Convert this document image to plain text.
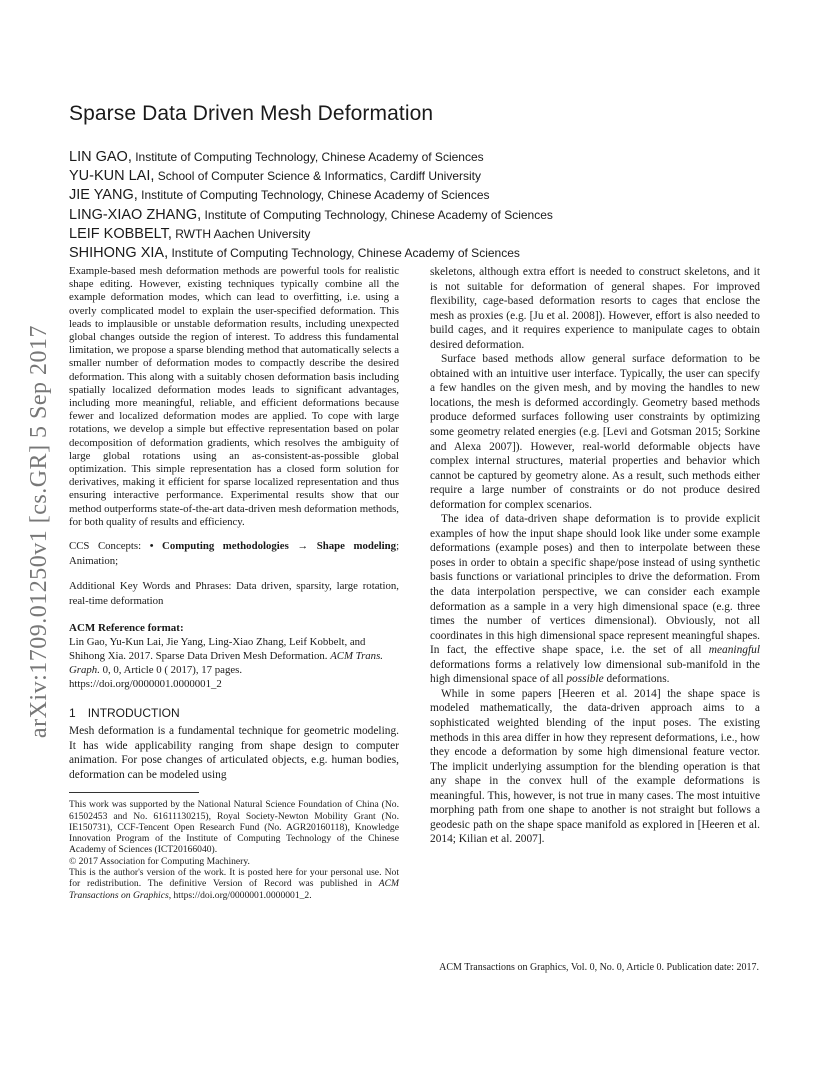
arXiv:1709.01250v1 [cs.GR] 5 Sep 2017
Sparse Data Driven Mesh Deformation
LIN GAO, Institute of Computing Technology, Chinese Academy of Sciences
YU-KUN LAI, School of Computer Science & Informatics, Cardiff University
JIE YANG, Institute of Computing Technology, Chinese Academy of Sciences
LING-XIAO ZHANG, Institute of Computing Technology, Chinese Academy of Sciences
LEIF KOBBELT, RWTH Aachen University
SHIHONG XIA, Institute of Computing Technology, Chinese Academy of Sciences

Example-based mesh deformation methods are powerful tools for realistic shape editing. However, existing techniques typically combine all the example deformation modes, which can lead to overfitting, i.e. using a overly complicated model to explain the user-specified deformation. This leads to implausible or unstable deformation results, including unexpected global changes outside the region of interest. To address this fundamental limitation, we propose a sparse blending method that automatically selects a smaller number of deformation modes to compactly describe the desired deformation. This along with a suitably chosen deformation basis including spatially localized deformation modes leads to significant advantages, including more meaningful, reliable, and efficient deformations because fewer and localized deformation modes are applied. To cope with large rotations, we develop a simple but effective representation based on polar decomposition of deformation gradients, which resolves the ambiguity of large global rotations using an as-consistent-as-possible global optimization. This simple representation has a closed form solution for derivatives, making it efficient for sparse localized representation and thus ensuring interactive performance. Experimental results show that our method outperforms state-of-the-art data-driven mesh deformation methods, for both quality of results and efficiency.

CCS Concepts: • Computing methodologies → Shape modeling; Animation;
Additional Key Words and Phrases: Data driven, sparsity, large rotation, real-time deformation
ACM Reference format:
Lin Gao, Yu-Kun Lai, Jie Yang, Ling-Xiao Zhang, Leif Kobbelt, and Shihong Xia. 2017. Sparse Data Driven Mesh Deformation. ACM Trans. Graph. 0, 0, Article 0 ( 2017), 17 pages.
https://doi.org/0000001.0000001_2
1 INTRODUCTION

Mesh deformation is a fundamental technique for geometric modeling. It has wide applicability ranging from shape design to computer animation. For pose changes of articulated objects, e.g. human bodies, deformation can be modeled using

This work was supported by the National Natural Science Foundation of China (No. 61502453 and No. 61611130215), Royal Society-Newton Mobility Grant (No. IE150731), CCF-Tencent Open Research Fund (No. AGR20160118), Knowledge Innovation Program of the Institute of Computing Technology of the Chinese Academy of Sciences (ICT20166040).

© 2017 Association for Computing Machinery.

This is the author's version of the work. It is posted here for your personal use. Not for redistribution. The definitive Version of Record was published in ACM Transactions on Graphics, https://doi.org/0000001.0000001_2.

skeletons, although extra effort is needed to construct skeletons, and it is not suitable for deformation of general shapes. For improved flexibility, cage-based deformation resorts to cages that enclose the mesh as proxies (e.g. [Ju et al. 2008]). However, effort is also needed to build cages, and it requires experience to manipulate cages to obtain desired deformation.

Surface based methods allow general surface deformation to be obtained with an intuitive user interface. Typically, the user can specify a few handles on the given mesh, and by moving the handles to new locations, the mesh is deformed accordingly. Geometry based methods produce deformed surfaces following user constraints by optimizing some geometry related energies (e.g. [Levi and Gotsman 2015; Sorkine and Alexa 2007]). However, real-world deformable objects have complex internal structures, material properties and behavior which cannot be captured by geometry alone. As a result, such methods either require a large number of constraints or do not produce desired deformation for complex scenarios.

The idea of data-driven shape deformation is to provide explicit examples of how the input shape should look like under some example deformations (example poses) and then to interpolate between these poses in order to obtain a specific shape/pose instead of using synthetic basis functions or variational principles to drive the deformation. From the data interpolation perspective, we can consider each example deformation as a sample in a very high dimensional space (e.g. three times the number of vertices dimensional). Obviously, not all coordinates in this high dimensional space represent meaningful shapes. In fact, the effective shape space, i.e. the set of all meaningful deformations forms a relatively low dimensional sub-manifold in the high dimensional space of all possible deformations.

While in some papers [Heeren et al. 2014] the shape space is modeled mathematically, the data-driven approach aims to a sophisticated weighted blending of the input poses. The existing methods in this area differ in how they represent deformations, i.e., how they encode a deformation by some high dimensional feature vector. The implicit underlying assumption for the blending operation is that any shape in the convex hull of the example deformations is meaningful. This, however, is not true in many cases. The most intuitive morphing path from one shape to another is not straight but follows a geodesic path on the shape space manifold as explored in [Heeren et al. 2014; Kilian et al. 2007].

ACM Transactions on Graphics, Vol. 0, No. 0, Article 0. Publication date: 2017.
